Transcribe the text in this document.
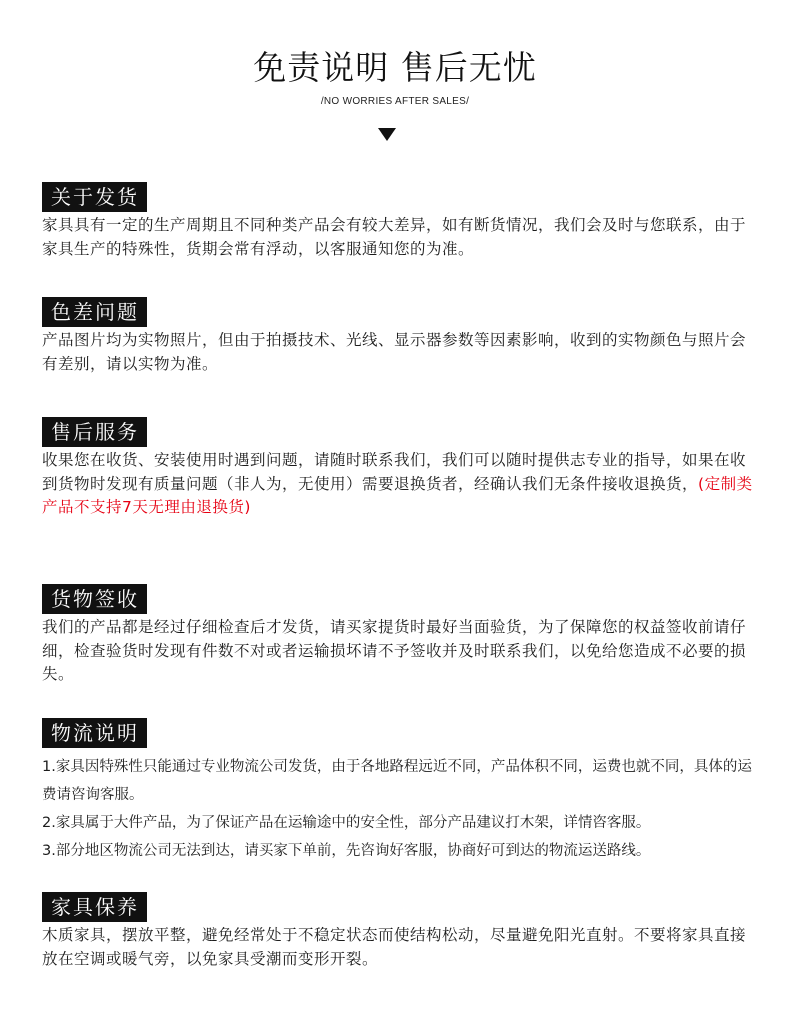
免责说明 售后无忧
/NO WORRIES AFTER SALES/
关于发货
家具具有一定的生产周期且不同种类产品会有较大差异，如有断货情况，我们会及时与您联系，由于家具生产的特殊性，货期会常有浮动，以客服通知您的为准。
色差问题
产品图片均为实物照片，但由于拍摄技术、光线、显示器参数等因素影响，收到的实物颜色与照片会有差别，请以实物为准。
售后服务
收果您在收货、安装使用时遇到问题，请随时联系我们，我们可以随时提供志专业的指导，如果在收到货物时发现有质量问题（非人为，无使用）需要退换货者，经确认我们无条件接收退换货，(定制类产品不支持7天无理由退换货)
货物签收
我们的产品都是经过仔细检查后才发货，请买家提货时最好当面验货，为了保障您的权益签收前请仔细，检查验货时发现有件数不对或者运输损坏请不予签收并及时联系我们，以免给您造成不必要的损失。
物流说明
1.家具因特殊性只能通过专业物流公司发货，由于各地路程远近不同，产品体积不同，运费也就不同，具体的运费请咨询客服。
2.家具属于大件产品，为了保证产品在运输途中的安全性，部分产品建议打木架，详情咨客服。
3.部分地区物流公司无法到达，请买家下单前，先咨询好客服，协商好可到达的物流运送路线。
家具保养
木质家具，摆放平整，避免经常处于不稳定状态而使结构松动，尽量避免阳光直射。不要将家具直接放在空调或暖气旁，以免家具受潮而变形开裂。
